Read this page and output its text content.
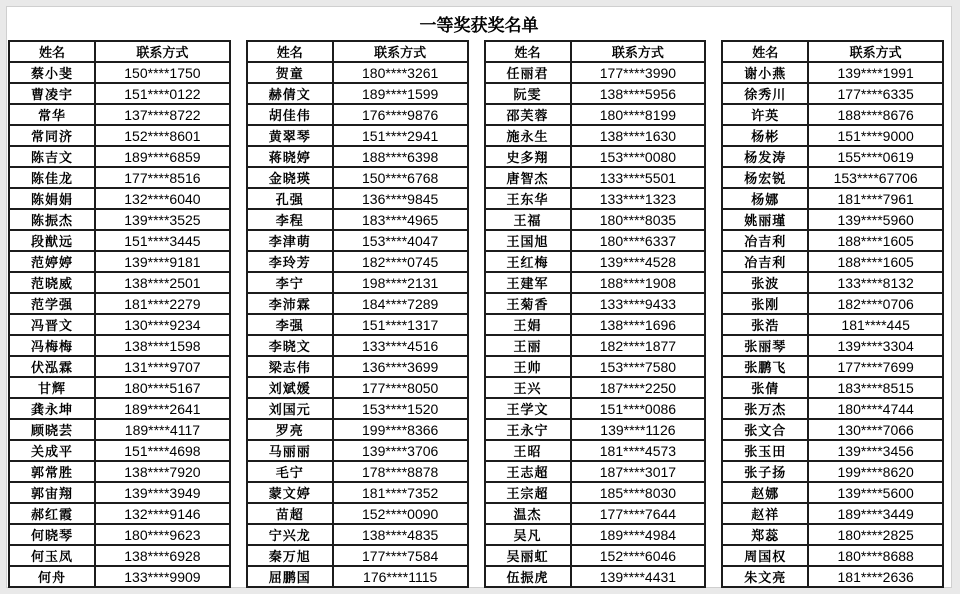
一等奖获奖名单
姓名	联系方式
蔡小斐	150****1750
曹凌宇	151****0122
常华	137****8722
常同济	152****8601
陈吉文	189****6859
陈佳龙	177****8516
陈娟娟	132****6040
陈振杰	139****3525
段猷远	151****3445
范婷婷	139****9181
范晓威	138****2501
范学强	181****2279
冯晋文	130****9234
冯梅梅	138****1598
伏泓霖	131****9707
甘辉	180****5167
龚永坤	189****2641
顾晓芸	189****4117
关成平	151****4698
郭常胜	138****7920
郭宙翔	139****3949
郝红霞	132****9146
何晓琴	180****9623
何玉凤	138****6928
何舟	133****9909
姓名	联系方式
贺童	180****3261
赫倩文	189****1599
胡佳伟	176****9876
黄翠琴	151****2941
蒋晓婷	188****6398
金晓瑛	150****6768
孔强	136****9845
李程	183****4965
李津萌	153****4047
李玲芳	182****0745
李宁	198****2131
李沛霖	184****7289
李强	151****1317
李晓文	133****4516
梁志伟	136****3699
刘斌媛	177****8050
刘国元	153****1520
罗亮	199****8366
马丽丽	139****3706
毛宁	178****8878
蒙文婷	181****7352
苗超	152****0090
宁兴龙	138****4835
秦万旭	177****7584
屈鹏国	176****1115
姓名	联系方式
任丽君	177****3990
阮雯	138****5956
邵芙蓉	180****8199
施永生	138****1630
史多翔	153****0080
唐智杰	133****5501
王东华	133****1323
王福	180****8035
王国旭	180****6337
王红梅	139****4528
王建军	188****1908
王菊香	133****9433
王娟	138****1696
王丽	182****1877
王帅	153****7580
王兴	187****2250
王学文	151****0086
王永宁	139****1126
王昭	181****4573
王志超	187****3017
王宗超	185****8030
温杰	177****7644
吴凡	189****4984
吴丽虹	152****6046
伍振虎	139****4431
姓名	联系方式
谢小燕	139****1991
徐秀川	177****6335
许英	188****8676
杨彬	151****9000
杨发涛	155****0619
杨宏锐	153****67706
杨娜	181****7961
姚丽瑾	139****5960
冶吉利	188****1605
冶吉利	188****1605
张波	133****8132
张刚	182****0706
张浩	181****445
张丽琴	139****3304
张鹏飞	177****7699
张倩	183****8515
张万杰	180****4744
张文合	130****7066
张玉田	139****3456
张子扬	199****8620
赵娜	139****5600
赵祥	189****3449
郑蕊	180****2825
周国权	180****8688
朱文亮	181****2636
